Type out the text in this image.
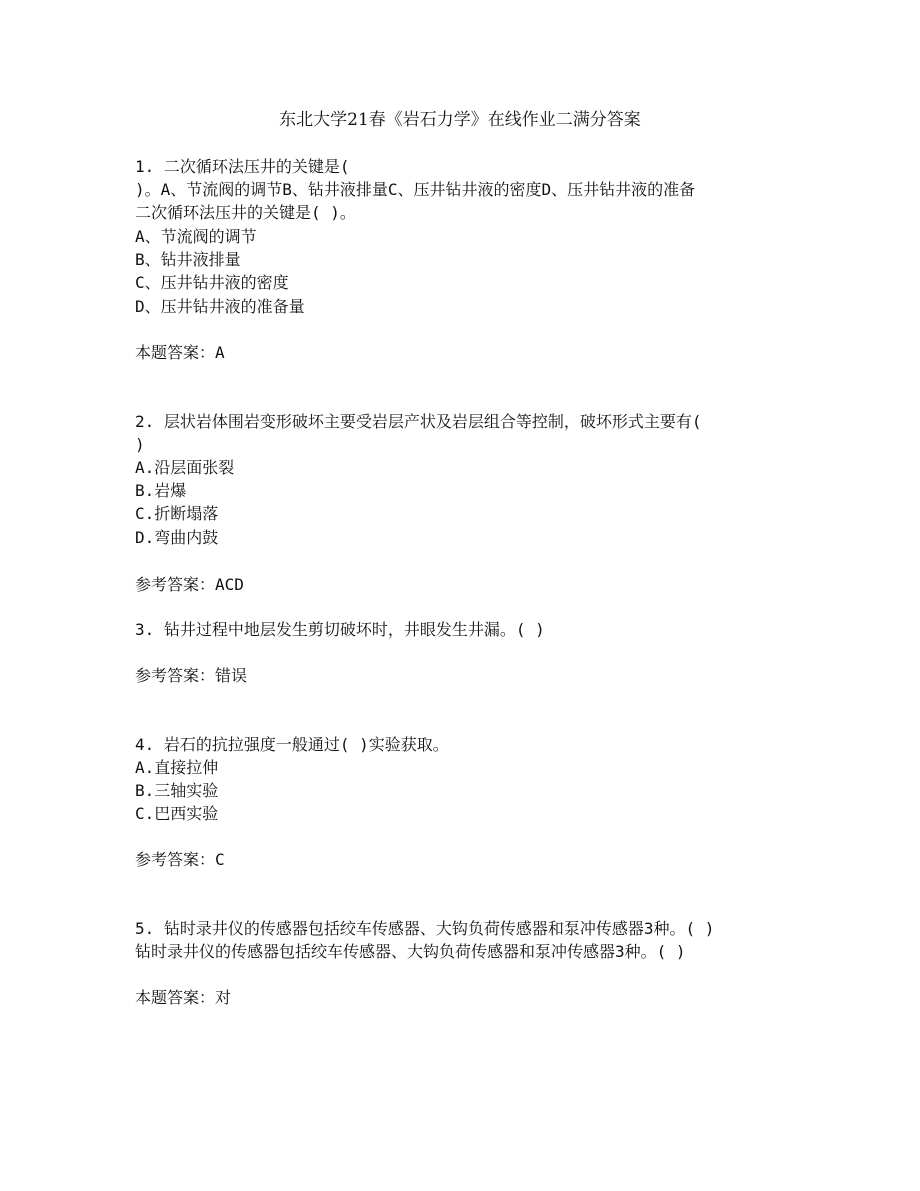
东北大学21春《岩石力学》在线作业二满分答案
1. 二次循环法压井的关键是(
)。A、节流阀的调节B、钻井液排量C、压井钻井液的密度D、压井钻井液的准备
二次循环法压井的关键是( )。
A、节流阀的调节
B、钻井液排量
C、压井钻井液的密度
D、压井钻井液的准备量
本题答案：A
2. 层状岩体围岩变形破坏主要受岩层产状及岩层组合等控制，破坏形式主要有(
)
A.沿层面张裂
B.岩爆
C.折断塌落
D.弯曲内鼓
参考答案：ACD
3. 钻井过程中地层发生剪切破坏时，井眼发生井漏。( )
参考答案：错误
4. 岩石的抗拉强度一般通过( )实验获取。
A.直接拉伸
B.三轴实验
C.巴西实验
参考答案：C
5. 钻时录井仪的传感器包括绞车传感器、大钩负荷传感器和泵冲传感器3种。( )
钻时录井仪的传感器包括绞车传感器、大钩负荷传感器和泵冲传感器3种。( )
本题答案：对
